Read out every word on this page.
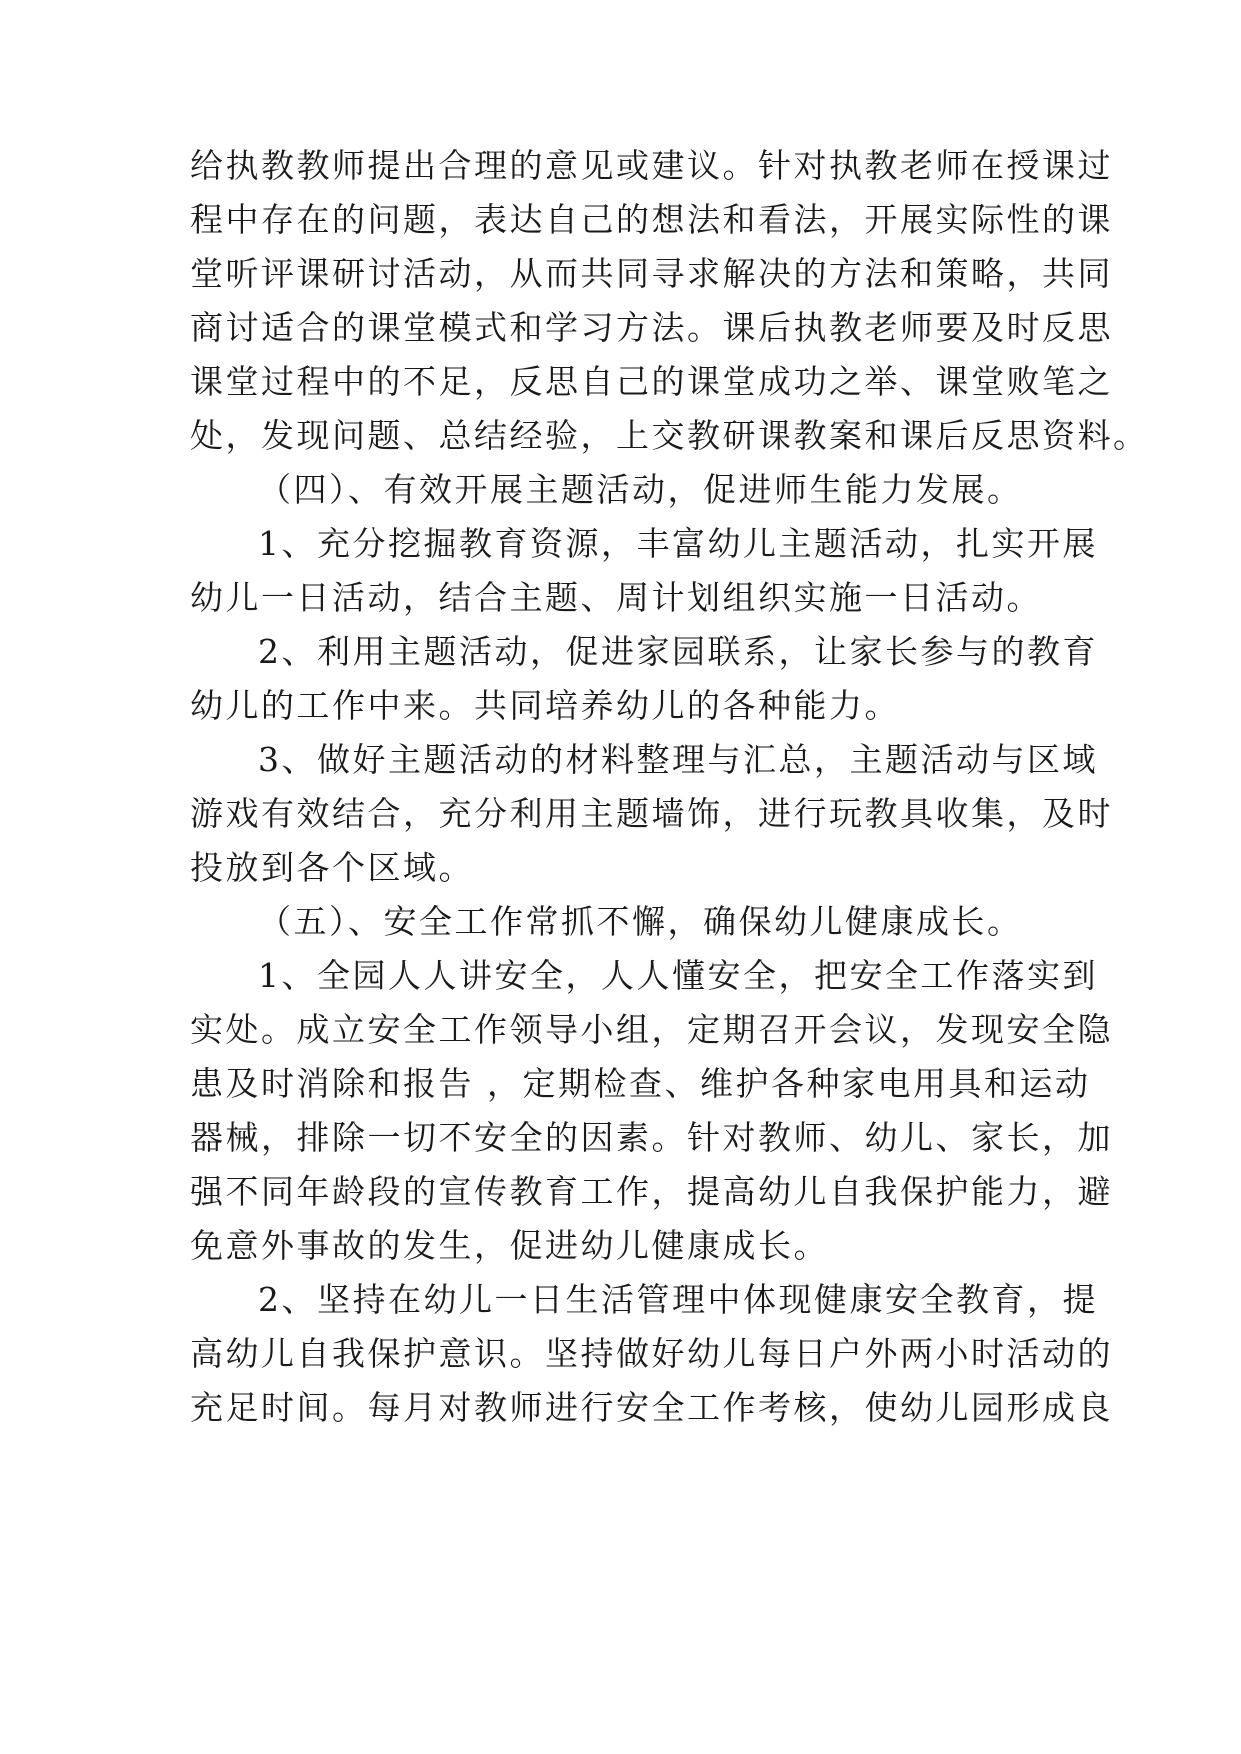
给执教教师提出合理的意见或建议。针对执教老师在授课过
程中存在的问题，表达自己的想法和看法，开展实际性的课
堂听评课研讨活动，从而共同寻求解决的方法和策略，共同
商讨适合的课堂模式和学习方法。课后执教老师要及时反思
课堂过程中的不足，反思自己的课堂成功之举、课堂败笔之
处，发现问题、总结经验，上交教研课教案和课后反思资料。
（四）、有效开展主题活动，促进师生能力发展。
1、充分挖掘教育资源，丰富幼儿主题活动，扎实开展
幼儿一日活动，结合主题、周计划组织实施一日活动。
2、利用主题活动，促进家园联系，让家长参与的教育
幼儿的工作中来。共同培养幼儿的各种能力。
3、做好主题活动的材料整理与汇总，主题活动与区域
游戏有效结合，充分利用主题墙饰，进行玩教具收集，及时
投放到各个区域。
（五）、安全工作常抓不懈，确保幼儿健康成长。
1、全园人人讲安全，人人懂安全，把安全工作落实到
实处。成立安全工作领导小组，定期召开会议，发现安全隐
患及时消除和报告 ，定期检查、维护各种家电用具和运动
器械，排除一切不安全的因素。针对教师、幼儿、家长，加
强不同年龄段的宣传教育工作，提高幼儿自我保护能力，避
免意外事故的发生，促进幼儿健康成长。
2、坚持在幼儿一日生活管理中体现健康安全教育，提
高幼儿自我保护意识。坚持做好幼儿每日户外两小时活动的
充足时间。每月对教师进行安全工作考核，使幼儿园形成良
